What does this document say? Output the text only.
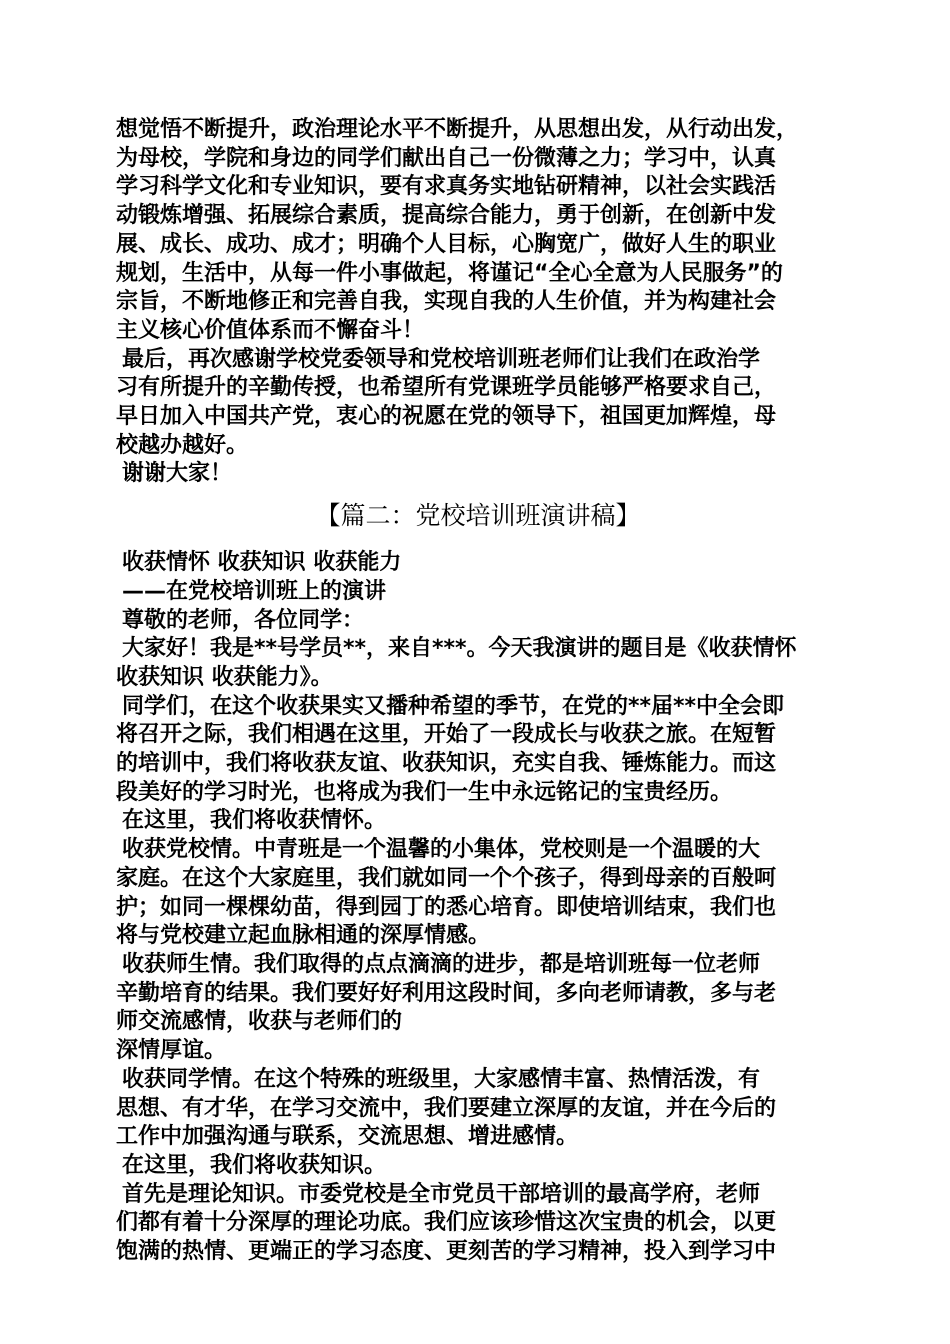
想觉悟不断提升，政治理论水平不断提升，从思想出发，从行动出发，

为母校，学院和身边的同学们献出自己一份微薄之力；学习中，认真

学习科学文化和专业知识，要有求真务实地钻研精神，以社会实践活

动锻炼增强、拓展综合素质，提高综合能力，勇于创新，在创新中发

展、成长、成功、成才；明确个人目标，心胸宽广，做好人生的职业

规划，生活中，从每一件小事做起，将谨记“全心全意为人民服务”的

宗旨，不断地修正和完善自我，实现自我的人生价值，并为构建社会

主义核心价值体系而不懈奋斗！

最后，再次感谢学校党委领导和党校培训班老师们让我们在政治学

习有所提升的辛勤传授，也希望所有党课班学员能够严格要求自己，

早日加入中国共产党，衷心的祝愿在党的领导下，祖国更加辉煌，母

校越办越好。

谢谢大家！

【篇二：党校培训班演讲稿】

收获情怀 收获知识 收获能力

——在党校培训班上的演讲

尊敬的老师，各位同学：

大家好！我是**号学员**，来自***。今天我演讲的题目是《收获情怀

收获知识 收获能力》。

同学们，在这个收获果实又播种希望的季节，在党的**届**中全会即

将召开之际，我们相遇在这里，开始了一段成长与收获之旅。在短暂

的培训中，我们将收获友谊、收获知识，充实自我、锤炼能力。而这

段美好的学习时光，也将成为我们一生中永远铭记的宝贵经历。

在这里，我们将收获情怀。

收获党校情。中青班是一个温馨的小集体，党校则是一个温暖的大

家庭。在这个大家庭里，我们就如同一个个孩子，得到母亲的百般呵

护；如同一棵棵幼苗，得到园丁的悉心培育。即使培训结束，我们也

将与党校建立起血脉相通的深厚情感。

收获师生情。我们取得的点点滴滴的进步，都是培训班每一位老师

辛勤培育的结果。我们要好好利用这段时间，多向老师请教，多与老

师交流感情，收获与老师们的

深情厚谊。

收获同学情。在这个特殊的班级里，大家感情丰富、热情活泼，有

思想、有才华，在学习交流中，我们要建立深厚的友谊，并在今后的

工作中加强沟通与联系，交流思想、增进感情。

在这里，我们将收获知识。

首先是理论知识。市委党校是全市党员干部培训的最高学府，老师

们都有着十分深厚的理论功底。我们应该珍惜这次宝贵的机会，以更

饱满的热情、更端正的学习态度、更刻苦的学习精神，投入到学习中
